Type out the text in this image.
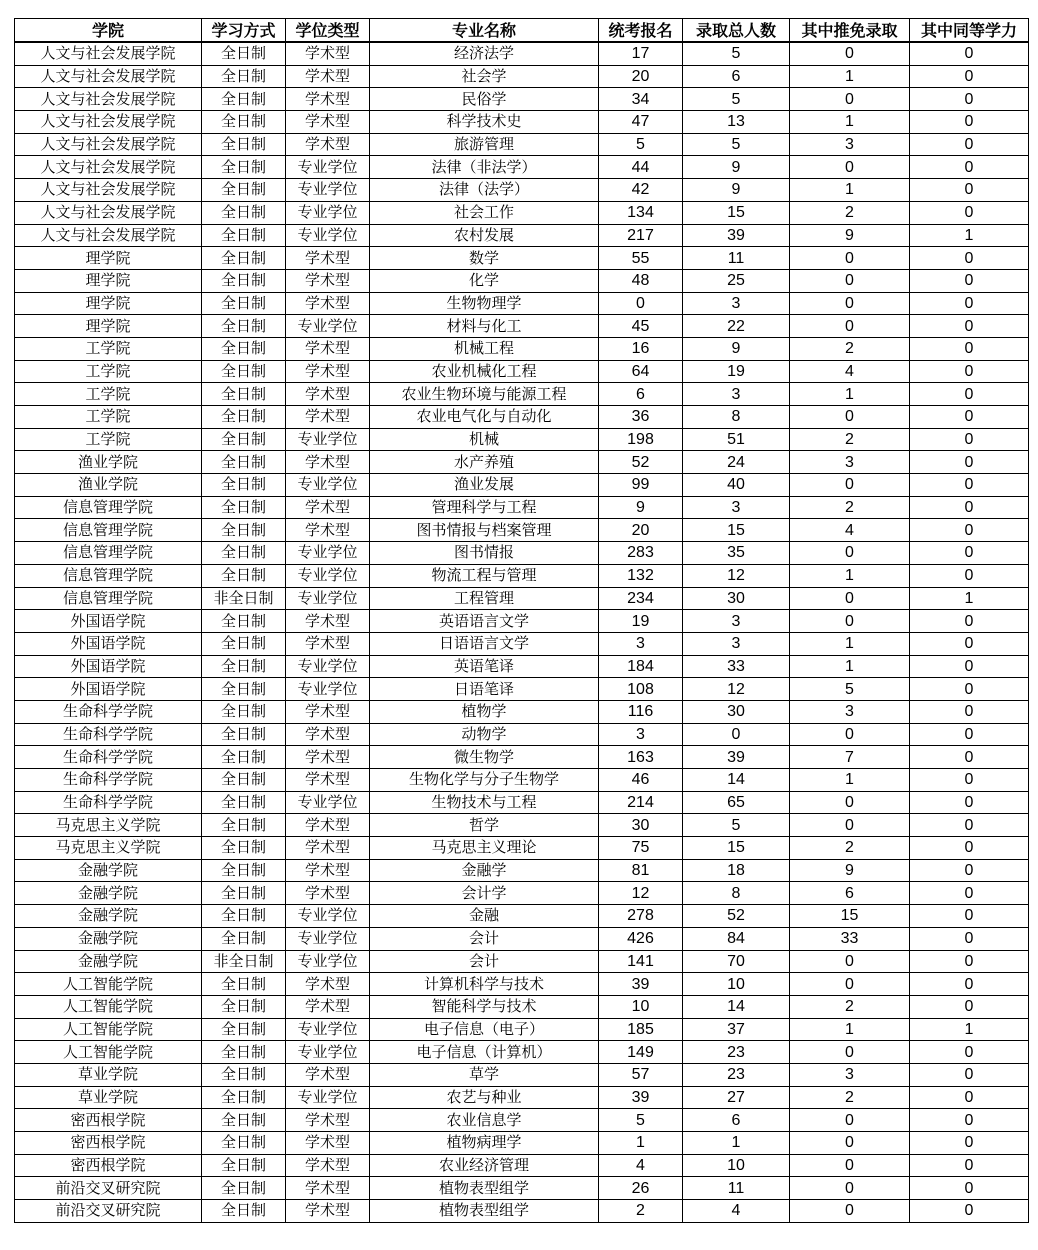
学院	学习方式	学位类型	专业名称	统考报名	录取总人数	其中推免录取	其中同等学力
人文与社会发展学院	全日制	学术型	经济法学	17	5	0	0
人文与社会发展学院	全日制	学术型	社会学	20	6	1	0
人文与社会发展学院	全日制	学术型	民俗学	34	5	0	0
人文与社会发展学院	全日制	学术型	科学技术史	47	13	1	0
人文与社会发展学院	全日制	学术型	旅游管理	5	5	3	0
人文与社会发展学院	全日制	专业学位	法律（非法学）	44	9	0	0
人文与社会发展学院	全日制	专业学位	法律（法学）	42	9	1	0
人文与社会发展学院	全日制	专业学位	社会工作	134	15	2	0
人文与社会发展学院	全日制	专业学位	农村发展	217	39	9	1
理学院	全日制	学术型	数学	55	11	0	0
理学院	全日制	学术型	化学	48	25	0	0
理学院	全日制	学术型	生物物理学	0	3	0	0
理学院	全日制	专业学位	材料与化工	45	22	0	0
工学院	全日制	学术型	机械工程	16	9	2	0
工学院	全日制	学术型	农业机械化工程	64	19	4	0
工学院	全日制	学术型	农业生物环境与能源工程	6	3	1	0
工学院	全日制	学术型	农业电气化与自动化	36	8	0	0
工学院	全日制	专业学位	机械	198	51	2	0
渔业学院	全日制	学术型	水产养殖	52	24	3	0
渔业学院	全日制	专业学位	渔业发展	99	40	0	0
信息管理学院	全日制	学术型	管理科学与工程	9	3	2	0
信息管理学院	全日制	学术型	图书情报与档案管理	20	15	4	0
信息管理学院	全日制	专业学位	图书情报	283	35	0	0
信息管理学院	全日制	专业学位	物流工程与管理	132	12	1	0
信息管理学院	非全日制	专业学位	工程管理	234	30	0	1
外国语学院	全日制	学术型	英语语言文学	19	3	0	0
外国语学院	全日制	学术型	日语语言文学	3	3	1	0
外国语学院	全日制	专业学位	英语笔译	184	33	1	0
外国语学院	全日制	专业学位	日语笔译	108	12	5	0
生命科学学院	全日制	学术型	植物学	116	30	3	0
生命科学学院	全日制	学术型	动物学	3	0	0	0
生命科学学院	全日制	学术型	微生物学	163	39	7	0
生命科学学院	全日制	学术型	生物化学与分子生物学	46	14	1	0
生命科学学院	全日制	专业学位	生物技术与工程	214	65	0	0
马克思主义学院	全日制	学术型	哲学	30	5	0	0
马克思主义学院	全日制	学术型	马克思主义理论	75	15	2	0
金融学院	全日制	学术型	金融学	81	18	9	0
金融学院	全日制	学术型	会计学	12	8	6	0
金融学院	全日制	专业学位	金融	278	52	15	0
金融学院	全日制	专业学位	会计	426	84	33	0
金融学院	非全日制	专业学位	会计	141	70	0	0
人工智能学院	全日制	学术型	计算机科学与技术	39	10	0	0
人工智能学院	全日制	学术型	智能科学与技术	10	14	2	0
人工智能学院	全日制	专业学位	电子信息（电子）	185	37	1	1
人工智能学院	全日制	专业学位	电子信息（计算机）	149	23	0	0
草业学院	全日制	学术型	草学	57	23	3	0
草业学院	全日制	专业学位	农艺与种业	39	27	2	0
密西根学院	全日制	学术型	农业信息学	5	6	0	0
密西根学院	全日制	学术型	植物病理学	1	1	0	0
密西根学院	全日制	学术型	农业经济管理	4	10	0	0
前沿交叉研究院	全日制	学术型	植物表型组学	26	11	0	0
前沿交叉研究院	全日制	学术型	植物表型组学	2	4	0	0
